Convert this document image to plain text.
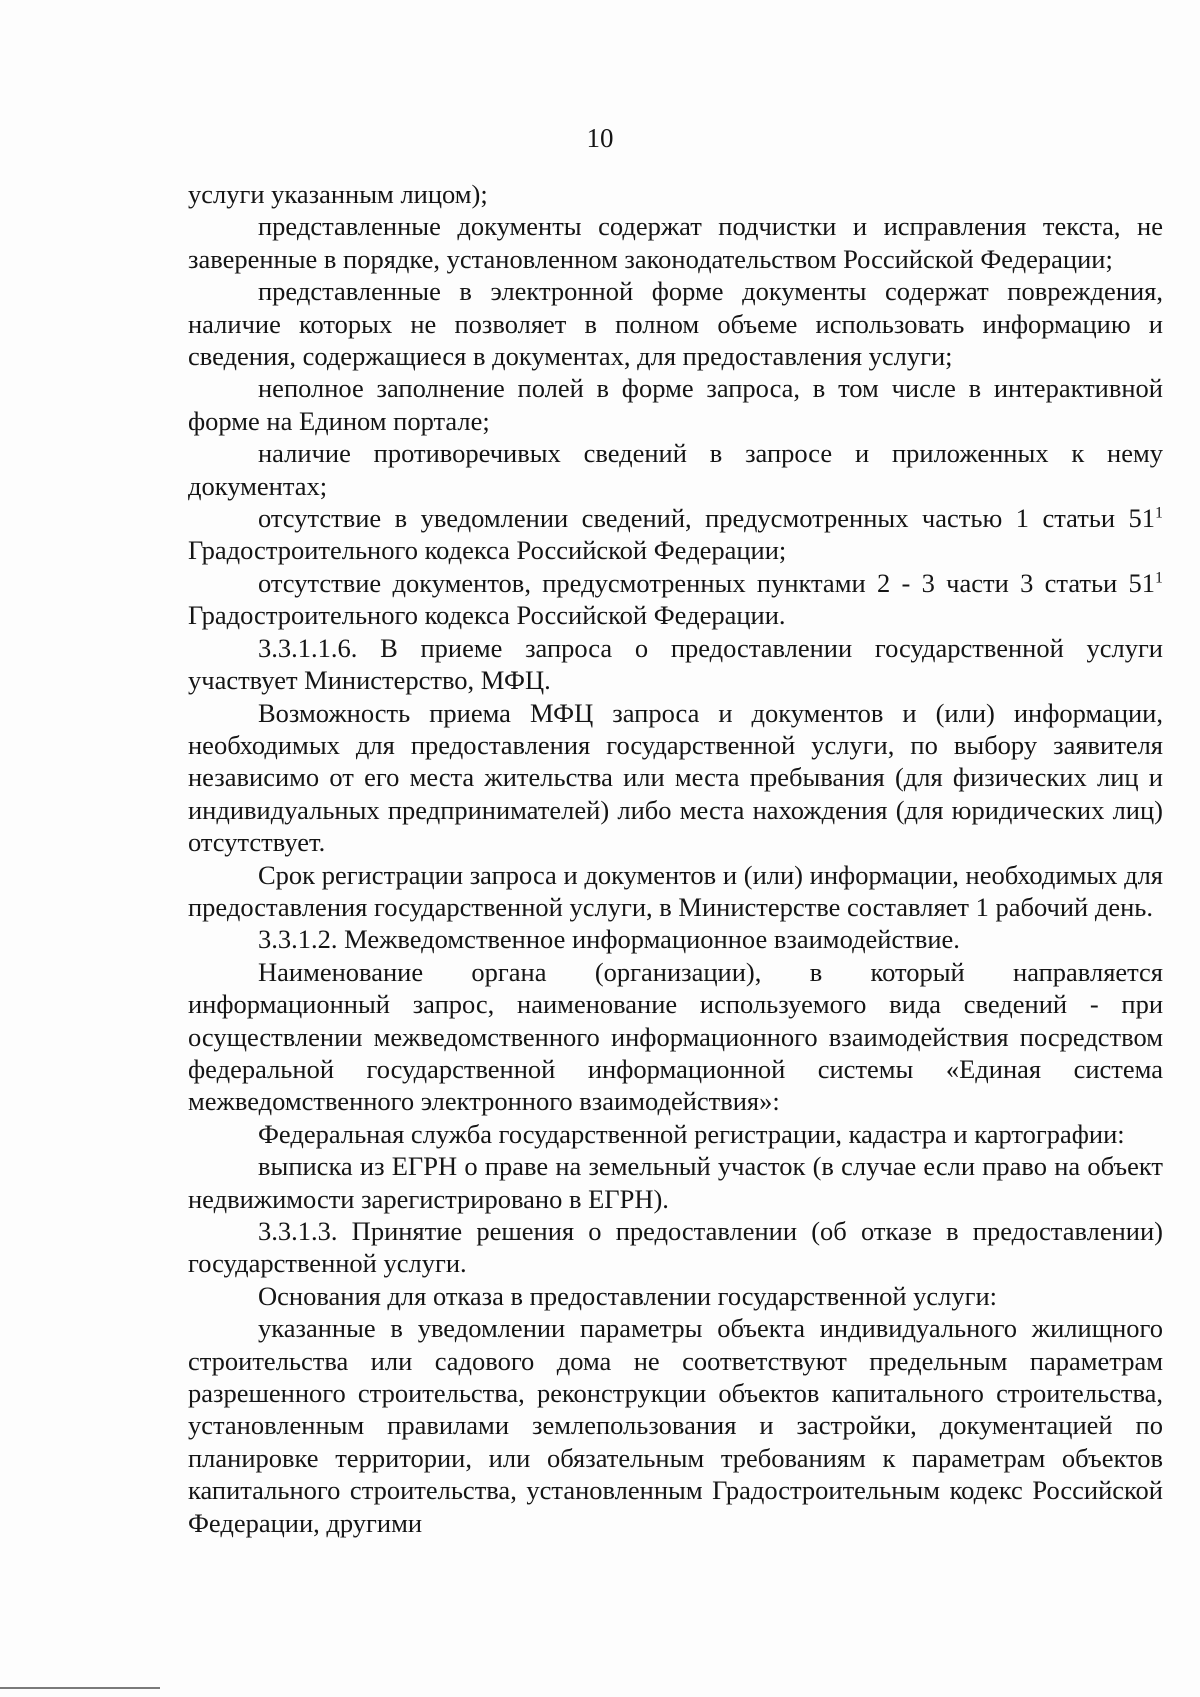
10

услуги указанным лицом);

представленные документы содержат подчистки и исправления текста, не заверенные в порядке, установленном законодательством Российской Федерации;

представленные в электронной форме документы содержат повреждения, наличие которых не позволяет в полном объеме использовать информацию и сведения, содержащиеся в документах, для предоставления услуги;

неполное заполнение полей в форме запроса, в том числе в интерактивной форме на Едином портале;

наличие противоречивых сведений в запросе и приложенных к нему документах;

отсутствие в уведомлении сведений, предусмотренных частью 1 статьи $51^1$ Градостроительного кодекса Российской Федерации;

отсутствие документов, предусмотренных пунктами 2 - 3 части 3 статьи $51^1$ Градостроительного кодекса Российской Федерации.

3.3.1.1.6. В приеме запроса о предоставлении государственной услуги участвует Министерство, МФЦ.

Возможность приема МФЦ запроса и документов и (или) информации, необходимых для предоставления государственной услуги, по выбору заявителя независимо от его места жительства или места пребывания (для физических лиц и индивидуальных предпринимателей) либо места нахождения (для юридических лиц) отсутствует.

Срок регистрации запроса и документов и (или) информации, необходимых для предоставления государственной услуги, в Министерстве составляет 1 рабочий день.

3.3.1.2. Межведомственное информационное взаимодействие.

Наименование органа (организации), в который направляется информационный запрос, наименование используемого вида сведений - при осуществлении межведомственного информационного взаимодействия посредством федеральной государственной информационной системы «Единая система межведомственного электронного взаимодействия»:

Федеральная служба государственной регистрации, кадастра и картографии:

выписка из ЕГРН о праве на земельный участок (в случае если право на объект недвижимости зарегистрировано в ЕГРН).

3.3.1.3. Принятие решения о предоставлении (об отказе в предоставлении) государственной услуги.

Основания для отказа в предоставлении государственной услуги:

указанные в уведомлении параметры объекта индивидуального жилищного строительства или садового дома не соответствуют предельным параметрам разрешенного строительства, реконструкции объектов капитального строительства, установленным правилами землепользования и застройки, документацией по планировке территории, или обязательным требованиям к параметрам объектов капитального строительства, установленным Градостроительным кодекс Российской Федерации, другими
